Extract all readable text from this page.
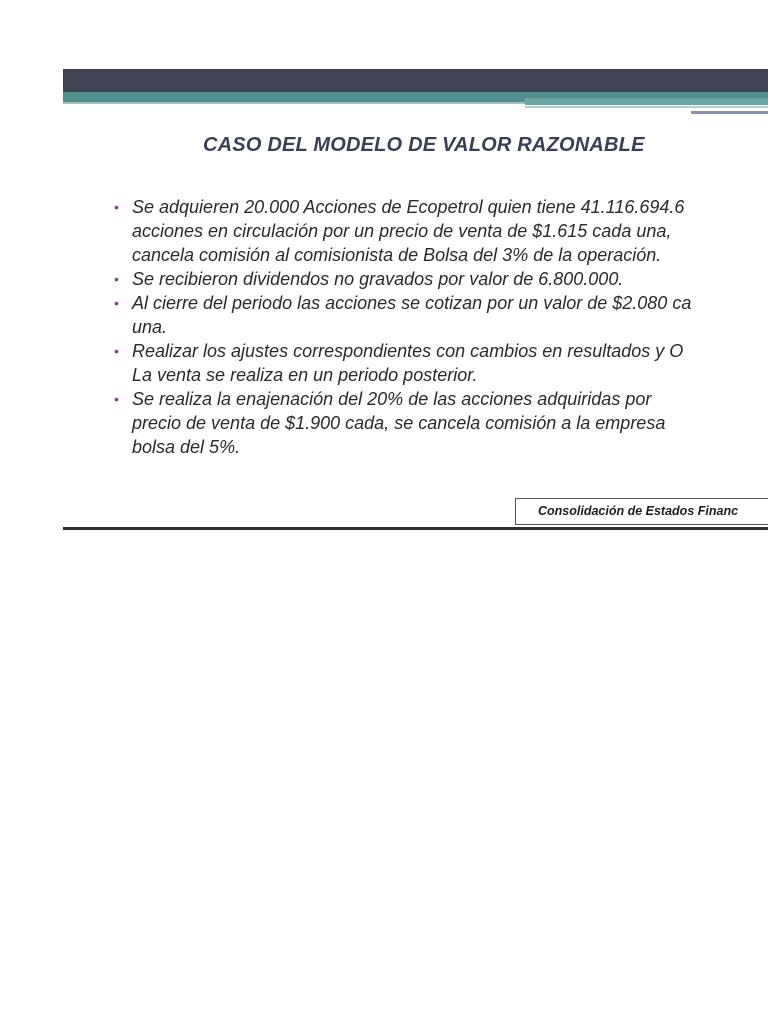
CASO DEL MODELO DE VALOR RAZONABLE
• Se adquieren 20.000 Acciones de Ecopetrol quien tiene 41.116.694.6
acciones en circulación por un precio de venta de $1.615 cada una,
cancela comisión al comisionista de Bolsa del 3% de la operación.
• Se recibieron dividendos no gravados por valor de 6.800.000.
• Al cierre del periodo las acciones se cotizan por un valor de $2.080 ca
una.
• Realizar los ajustes correspondientes con cambios en resultados y O
La venta se realiza en un periodo posterior.
• Se realiza la enajenación del 20% de las acciones adquiridas por
precio de venta de $1.900 cada, se cancela comisión a la empresa
bolsa del 5%.
Consolidación de Estados Financ
